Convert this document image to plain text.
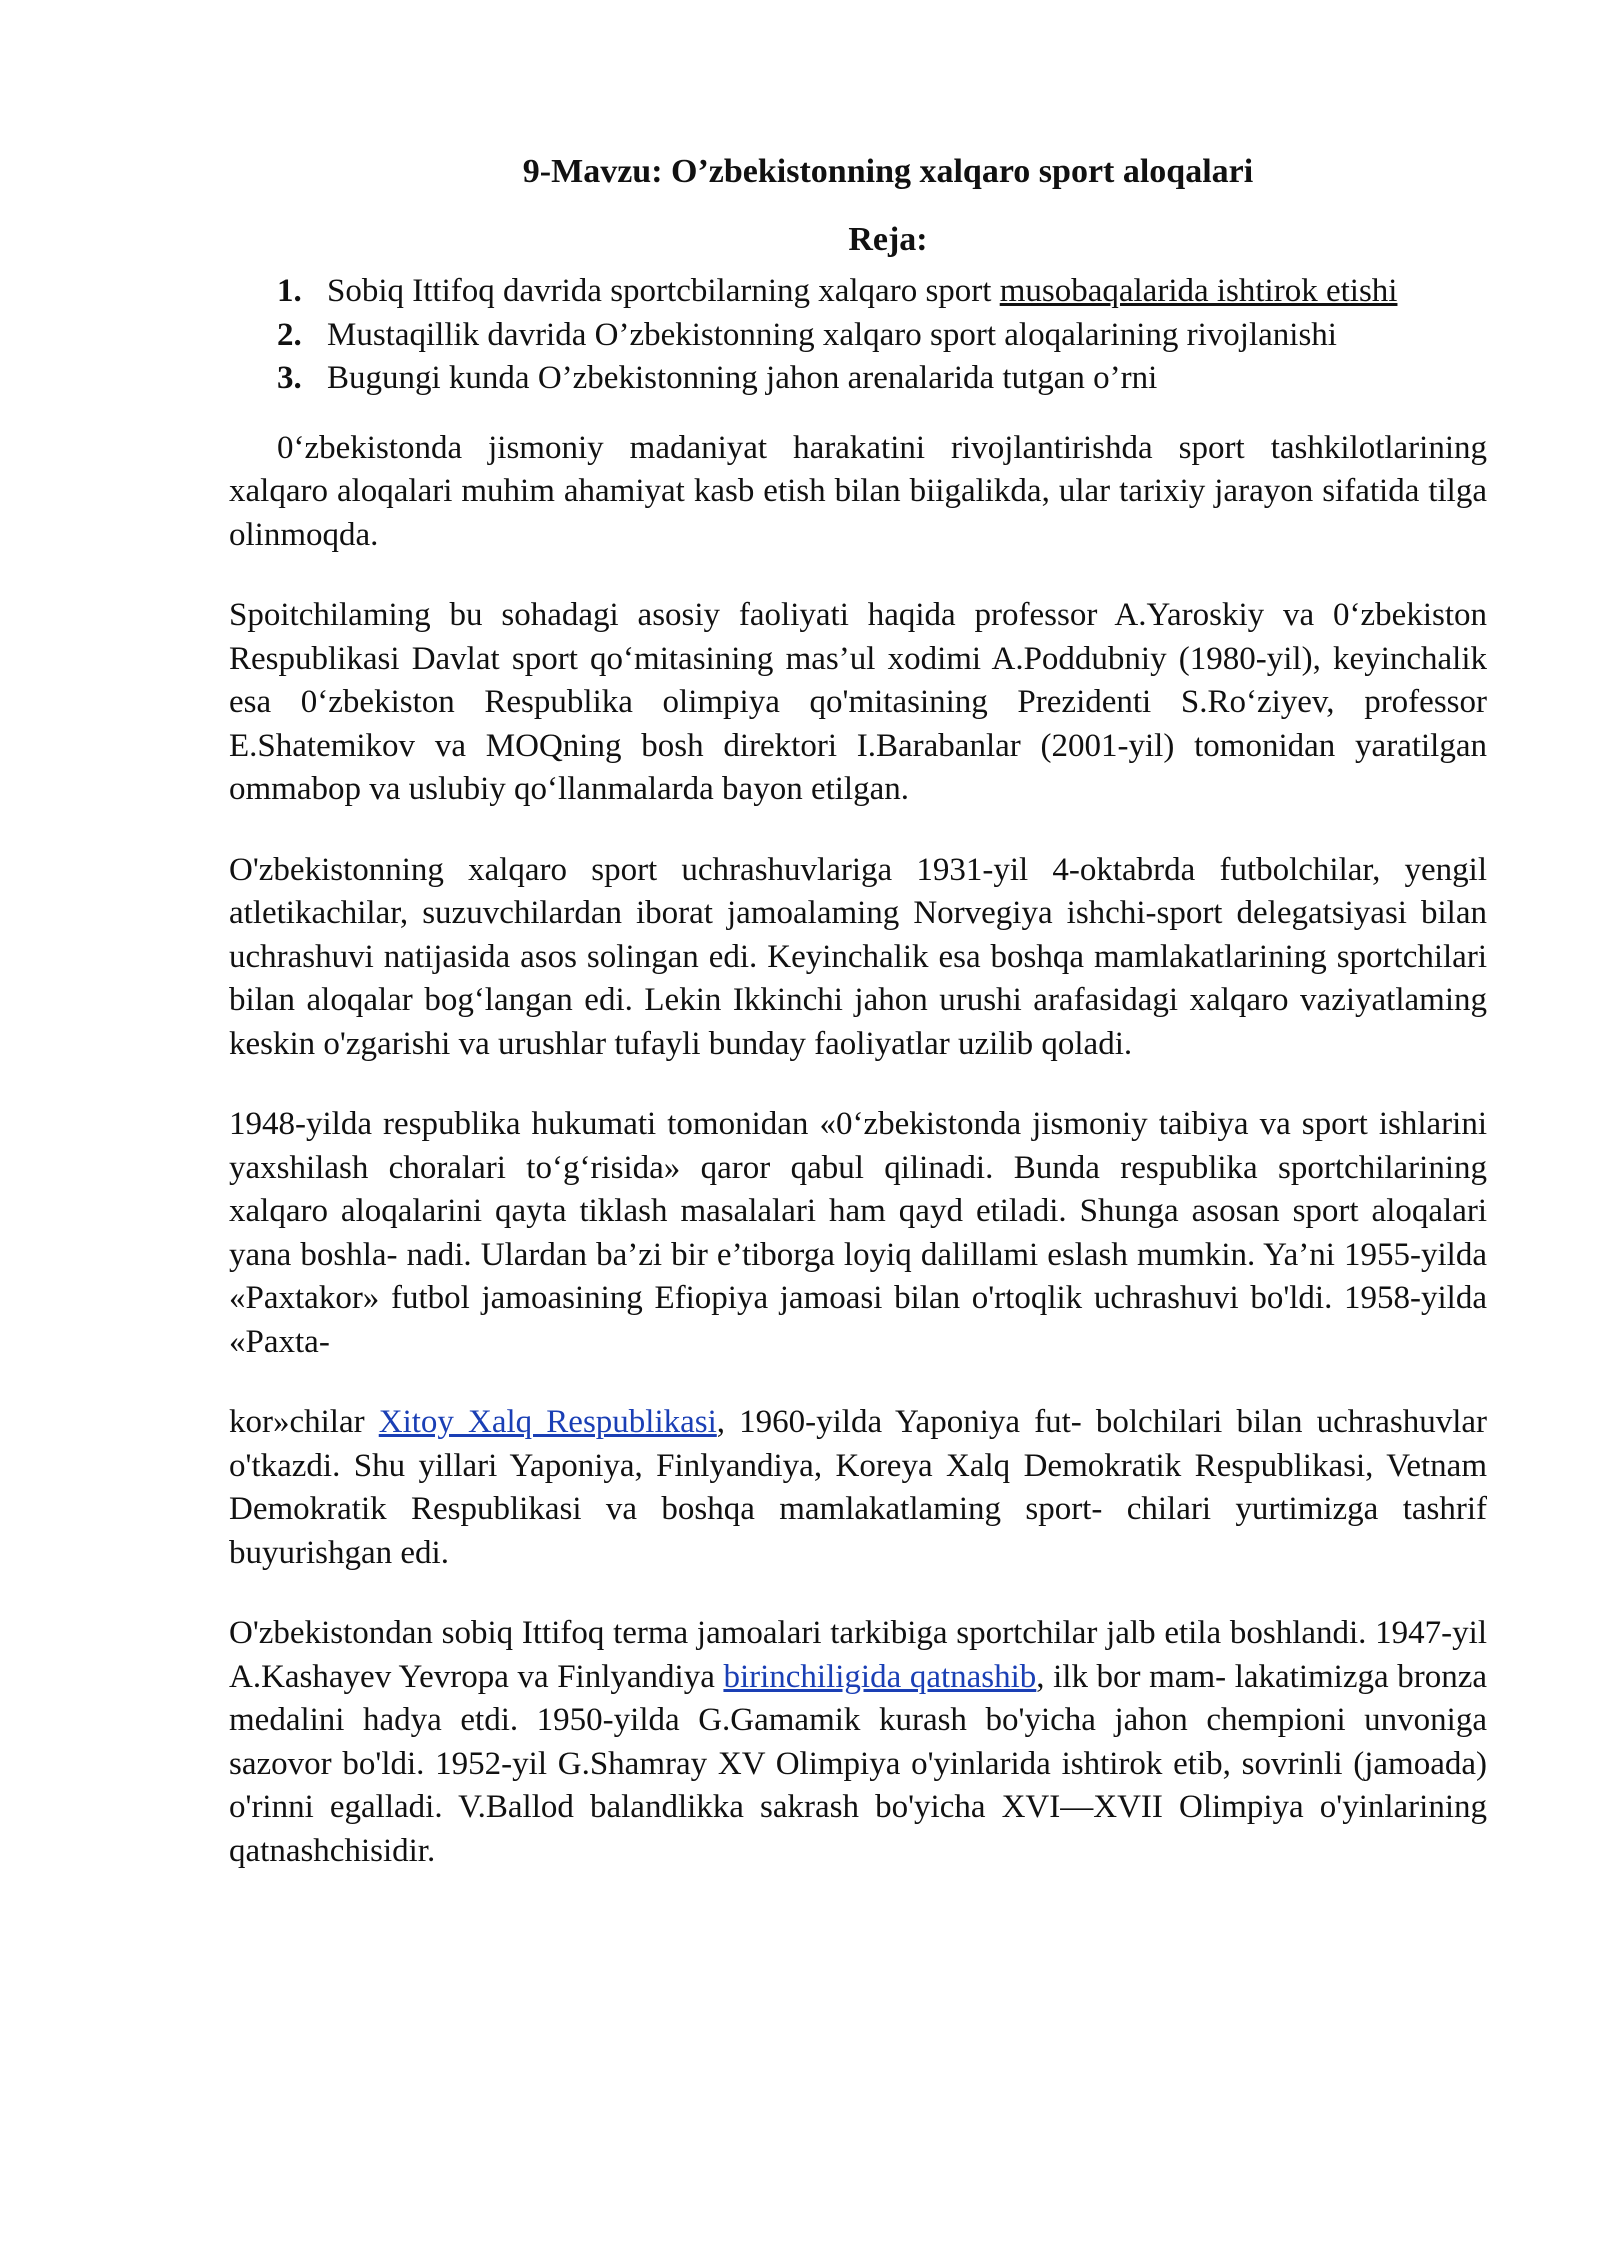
9-Mavzu: O’zbekistonning xalqaro sport aloqalari
Reja:
1. Sobiq Ittifoq davrida sportcbilarning xalqaro sport musobaqalarida ishtirok etishi
2. Mustaqillik davrida O’zbekistonning xalqaro sport aloqalarining rivojlanishi
3. Bugungi kunda O’zbekistonning jahon arenalarida tutgan o’rni

0‘zbekistonda jismoniy madaniyat harakatini rivojlantirishda sport tashkilotlarining xalqaro aloqalari muhim ahamiyat kasb etish bilan biigalikda, ular tarixiy jarayon sifatida tilga olinmoqda.

Spoitchilaming bu sohadagi asosiy faoliyati haqida professor A.Yaroskiy va 0‘zbekiston Respublikasi Davlat sport qo‘mitasining mas’ul xodimi A.Poddubniy (1980-yil), keyinchalik esa 0‘zbekiston Respublika olimpiya qo'mitasining Prezidenti S.Ro‘ziyev, professor E.Shatemikov va MOQning bosh direktori I.Barabanlar (2001-yil) tomonidan yaratilgan ommabop va uslubiy qo‘llanmalarda bayon etilgan.

O'zbekistonning xalqaro sport uchrashuvlariga 1931-yil 4-oktabrda futbolchilar, yengil atletikachilar, suzuvchilardan iborat jamoalaming Norvegiya ishchi-sport delegatsiyasi bilan uchrashuvi natijasida asos solingan edi. Keyinchalik esa boshqa mamlakatlarining sportchilari bilan aloqalar bog‘langan edi. Lekin Ikkinchi jahon urushi arafasidagi xalqaro vaziyatlaming keskin o'zgarishi va urushlar tufayli bunday faoliyatlar uzilib qoladi.

1948-yilda respublika hukumati tomonidan «0‘zbekistonda jismoniy taibiya va sport ishlarini yaxshilash choralari to‘g‘risida» qaror qabul qilinadi. Bunda respublika sportchilarining xalqaro aloqalarini qayta tiklash masalalari ham qayd etiladi. Shunga asosan sport aloqalari yana boshla- nadi. Ulardan ba’zi bir e’tiborga loyiq dalillami eslash mumkin. Ya’ni 1955-yilda «Paxtakor» futbol jamoasining Efiopiya jamoasi bilan o'rtoqlik uchrashuvi bo'ldi. 1958-yilda «Paxta-

kor»chilar Xitoy Xalq Respublikasi, 1960-yilda Yaponiya fut- bolchilari bilan uchrashuvlar o'tkazdi. Shu yillari Yaponiya, Finlyandiya, Koreya Xalq Demokratik Respublikasi, Vetnam Demokratik Respublikasi va boshqa mamlakatlaming sport- chilari yurtimizga tashrif buyurishgan edi.

O'zbekistondan sobiq Ittifoq terma jamoalari tarkibiga sportchilar jalb etila boshlandi. 1947-yil A.Kashayev Yevropa va Finlyandiya birinchiligida qatnashib, ilk bor mam- lakatimizga bronza medalini hadya etdi. 1950-yilda G.Gamamik kurash bo'yicha jahon chempioni unvoniga sazovor bo'ldi. 1952-yil G.Shamray XV Olimpiya o'yinlarida ishtirok etib, sovrinli (jamoada) o'rinni egalladi. V.Ballod balandlikka sakrash bo'yicha XVI—XVII Olimpiya o'yinlarining qatnashchisidir.
